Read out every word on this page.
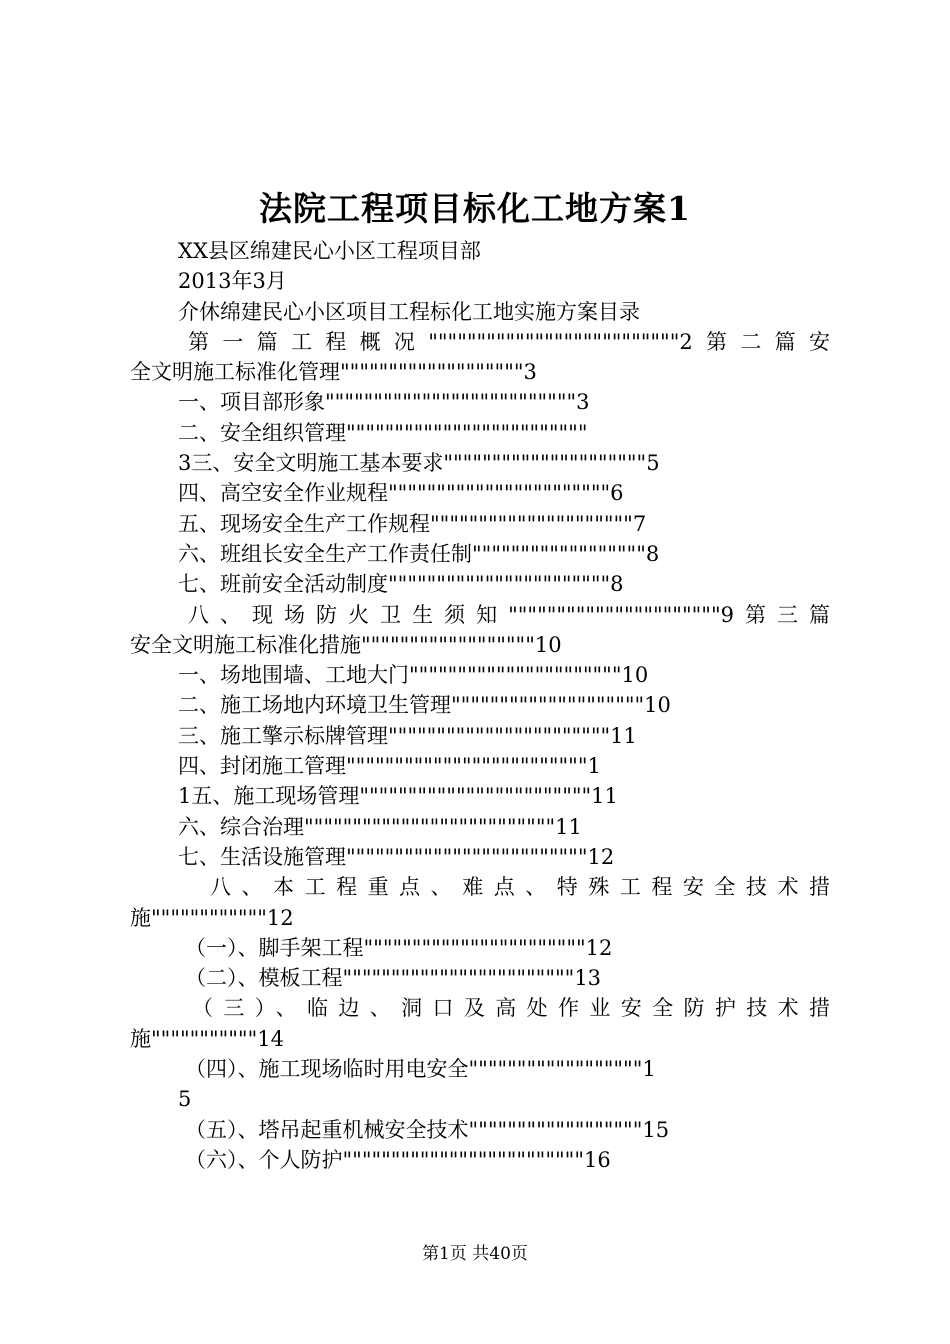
法院工程项目标化工地方案1
XX县区绵建民心小区工程项目部
2013年3月
介休绵建民心小区项目工程标化工地实施方案目录
第一篇工程概况""""""""""""""""""""""""""2第二篇安
全文明施工标准化管理"""""""""""""""""""3
一、项目部形象""""""""""""""""""""""""""3
二、安全组织管理"""""""""""""""""""""""""
3三、安全文明施工基本要求"""""""""""""""""""""5
四、高空安全作业规程"""""""""""""""""""""""6
五、现场安全生产工作规程"""""""""""""""""""""7
六、班组长安全生产工作责任制""""""""""""""""""8
七、班前安全活动制度"""""""""""""""""""""""8
八、现场防火卫生须知""""""""""""""""""""""9第三篇
安全文明施工标准化措施""""""""""""""""""10
一、场地围墙、工地大门""""""""""""""""""""""10
二、施工场地内环境卫生管理""""""""""""""""""""10
三、施工擎示标牌管理"""""""""""""""""""""""11
四、封闭施工管理"""""""""""""""""""""""""1
1五、施工现场管理""""""""""""""""""""""""11
六、综合治理""""""""""""""""""""""""""11
七、生活设施管理"""""""""""""""""""""""""12
八、本工程重点、难点、特殊工程安全技术措
施""""""""""""12
（一）、脚手架工程"""""""""""""""""""""""12
（二）、模板工程""""""""""""""""""""""""13
（三）、临边、洞口及高处作业安全防护技术措
施"""""""""""14
（四）、施工现场临时用电安全""""""""""""""""""1
5
（五）、塔吊起重机械安全技术""""""""""""""""""15
（六）、个人防护"""""""""""""""""""""""""16
第1页 共40页
